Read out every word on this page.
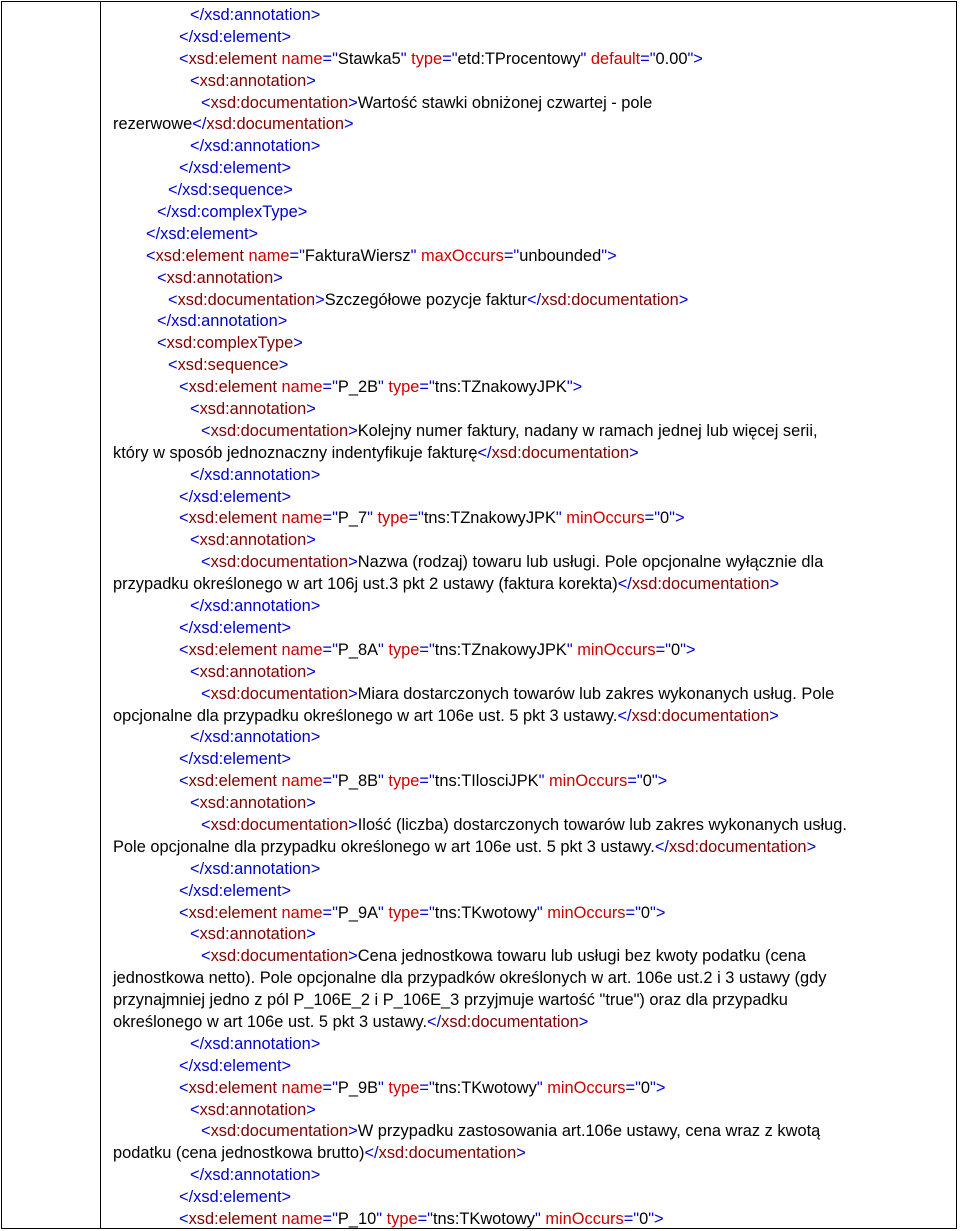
</xsd:annotation>
</xsd:element>
<xsd:element name="Stawka5" type="etd:TProcentowy" default="0.00">
<xsd:annotation>
<xsd:documentation>Wartość stawki obniżonej czwartej - pole
rezerwowe</xsd:documentation>
</xsd:annotation>
</xsd:element>
</xsd:sequence>
</xsd:complexType>
</xsd:element>
<xsd:element name="FakturaWiersz" maxOccurs="unbounded">
<xsd:annotation>
<xsd:documentation>Szczegółowe pozycje faktur</xsd:documentation>
</xsd:annotation>
<xsd:complexType>
<xsd:sequence>
<xsd:element name="P_2B" type="tns:TZnakowyJPK">
<xsd:annotation>
<xsd:documentation>Kolejny numer faktury, nadany w ramach jednej lub więcej serii,
który w sposób jednoznaczny indentyfikuje fakturę</xsd:documentation>
</xsd:annotation>
</xsd:element>
<xsd:element name="P_7" type="tns:TZnakowyJPK" minOccurs="0">
<xsd:annotation>
<xsd:documentation>Nazwa (rodzaj) towaru lub usługi. Pole opcjonalne wyłącznie dla
przypadku określonego w art 106j ust.3 pkt 2 ustawy (faktura korekta)</xsd:documentation>
</xsd:annotation>
</xsd:element>
<xsd:element name="P_8A" type="tns:TZnakowyJPK" minOccurs="0">
<xsd:annotation>
<xsd:documentation>Miara dostarczonych towarów lub zakres wykonanych usług. Pole
opcjonalne dla przypadku określonego w art 106e ust. 5 pkt 3 ustawy.</xsd:documentation>
</xsd:annotation>
</xsd:element>
<xsd:element name="P_8B" type="tns:TIlosciJPK" minOccurs="0">
<xsd:annotation>
<xsd:documentation>Ilość (liczba) dostarczonych towarów lub zakres wykonanych usług.
Pole opcjonalne dla przypadku określonego w art 106e ust. 5 pkt 3 ustawy.</xsd:documentation>
</xsd:annotation>
</xsd:element>
<xsd:element name="P_9A" type="tns:TKwotowy" minOccurs="0">
<xsd:annotation>
<xsd:documentation>Cena jednostkowa towaru lub usługi bez kwoty podatku (cena
jednostkowa netto). Pole opcjonalne dla przypadków określonych w art. 106e ust.2 i 3 ustawy (gdy
przynajmniej jedno z pól P_106E_2 i P_106E_3 przyjmuje wartość "true") oraz dla przypadku
określonego w art 106e ust. 5 pkt 3 ustawy.</xsd:documentation>
</xsd:annotation>
</xsd:element>
<xsd:element name="P_9B" type="tns:TKwotowy" minOccurs="0">
<xsd:annotation>
<xsd:documentation>W przypadku zastosowania art.106e ustawy, cena wraz z kwotą
podatku (cena jednostkowa brutto)</xsd:documentation>
</xsd:annotation>
</xsd:element>
<xsd:element name="P_10" type="tns:TKwotowy" minOccurs="0">
